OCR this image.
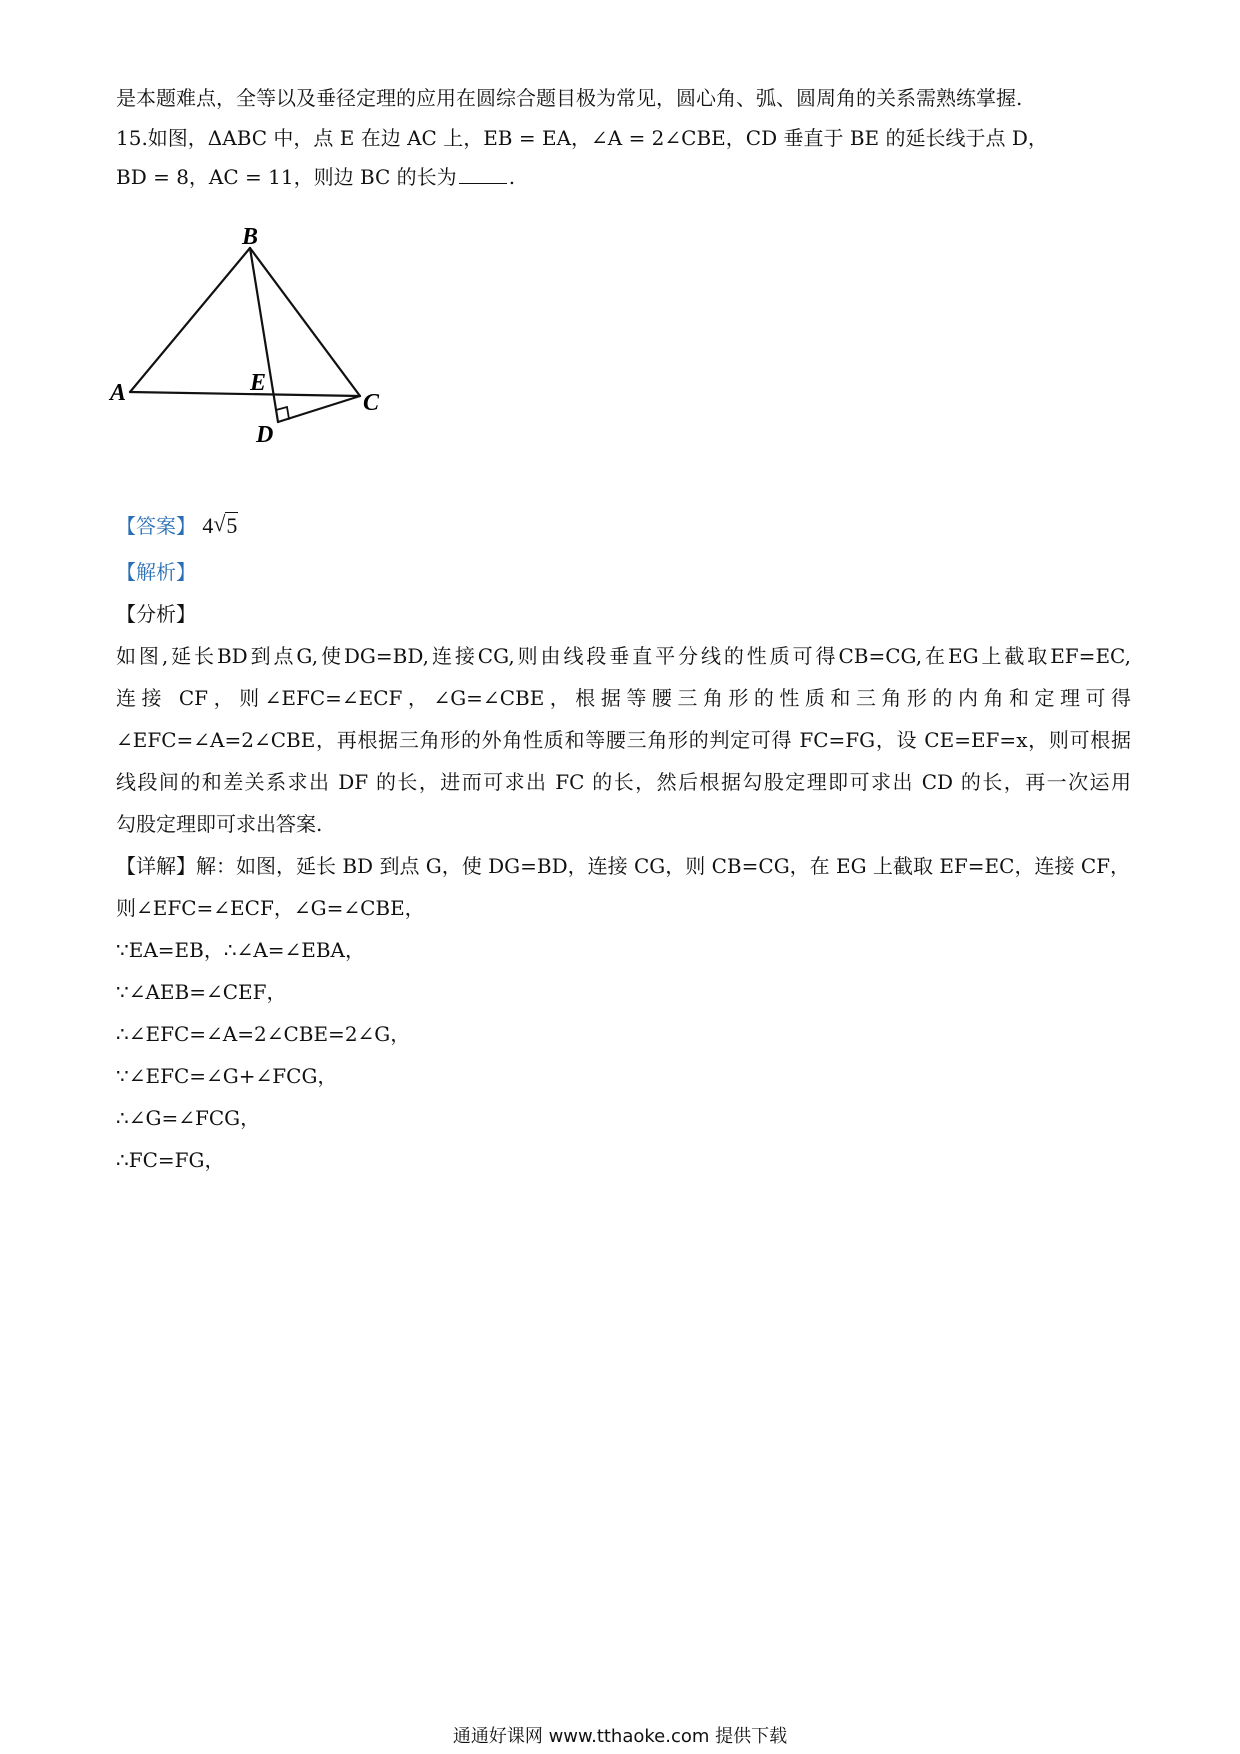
是本题难点，全等以及垂径定理的应用在圆综合题目极为常见，圆心角、弧、圆周角的关系需熟练掌握.
15.如图，ΔABC 中，点 E 在边 AC 上，EB = EA，∠A = 2∠CBE，CD 垂直于 BE 的延长线于点 D，
BD = 8，AC = 11，则边 BC 的长为	.
B
A	E
C
D
【答案】 4 √ 5
【解析】
【分析】
如图,延长BD到点G,使DG=BD,连接CG,则由线段垂直平分线的性质可得CB=CG,在EG上截取EF=EC,
连接 CF，则∠EFC=∠ECF，∠G=∠CBE，根据等腰三角形的性质和三角形的内角和定理可得
∠EFC=∠A=2∠CBE，再根据三角形的外角性质和等腰三角形的判定可得 FC=FG，设 CE=EF=x，则可根据
线段间的和差关系求出 DF 的长，进而可求出 FC 的长，然后根据勾股定理即可求出 CD 的长，再一次运用
勾股定理即可求出答案.
【详解】解：如图，延长 BD 到点 G，使 DG=BD，连接 CG，则 CB=CG，在 EG 上截取 EF=EC，连接 CF，
则∠EFC=∠ECF，∠G=∠CBE，
∵EA=EB，∴∠A=∠EBA，
∵∠AEB=∠CEF，
∴∠EFC=∠A=2∠CBE=2∠G，
∵∠EFC=∠G+∠FCG，
∴∠G=∠FCG，
∴FC=FG，
通通好课网 www.tthaoke.com 提供下载
